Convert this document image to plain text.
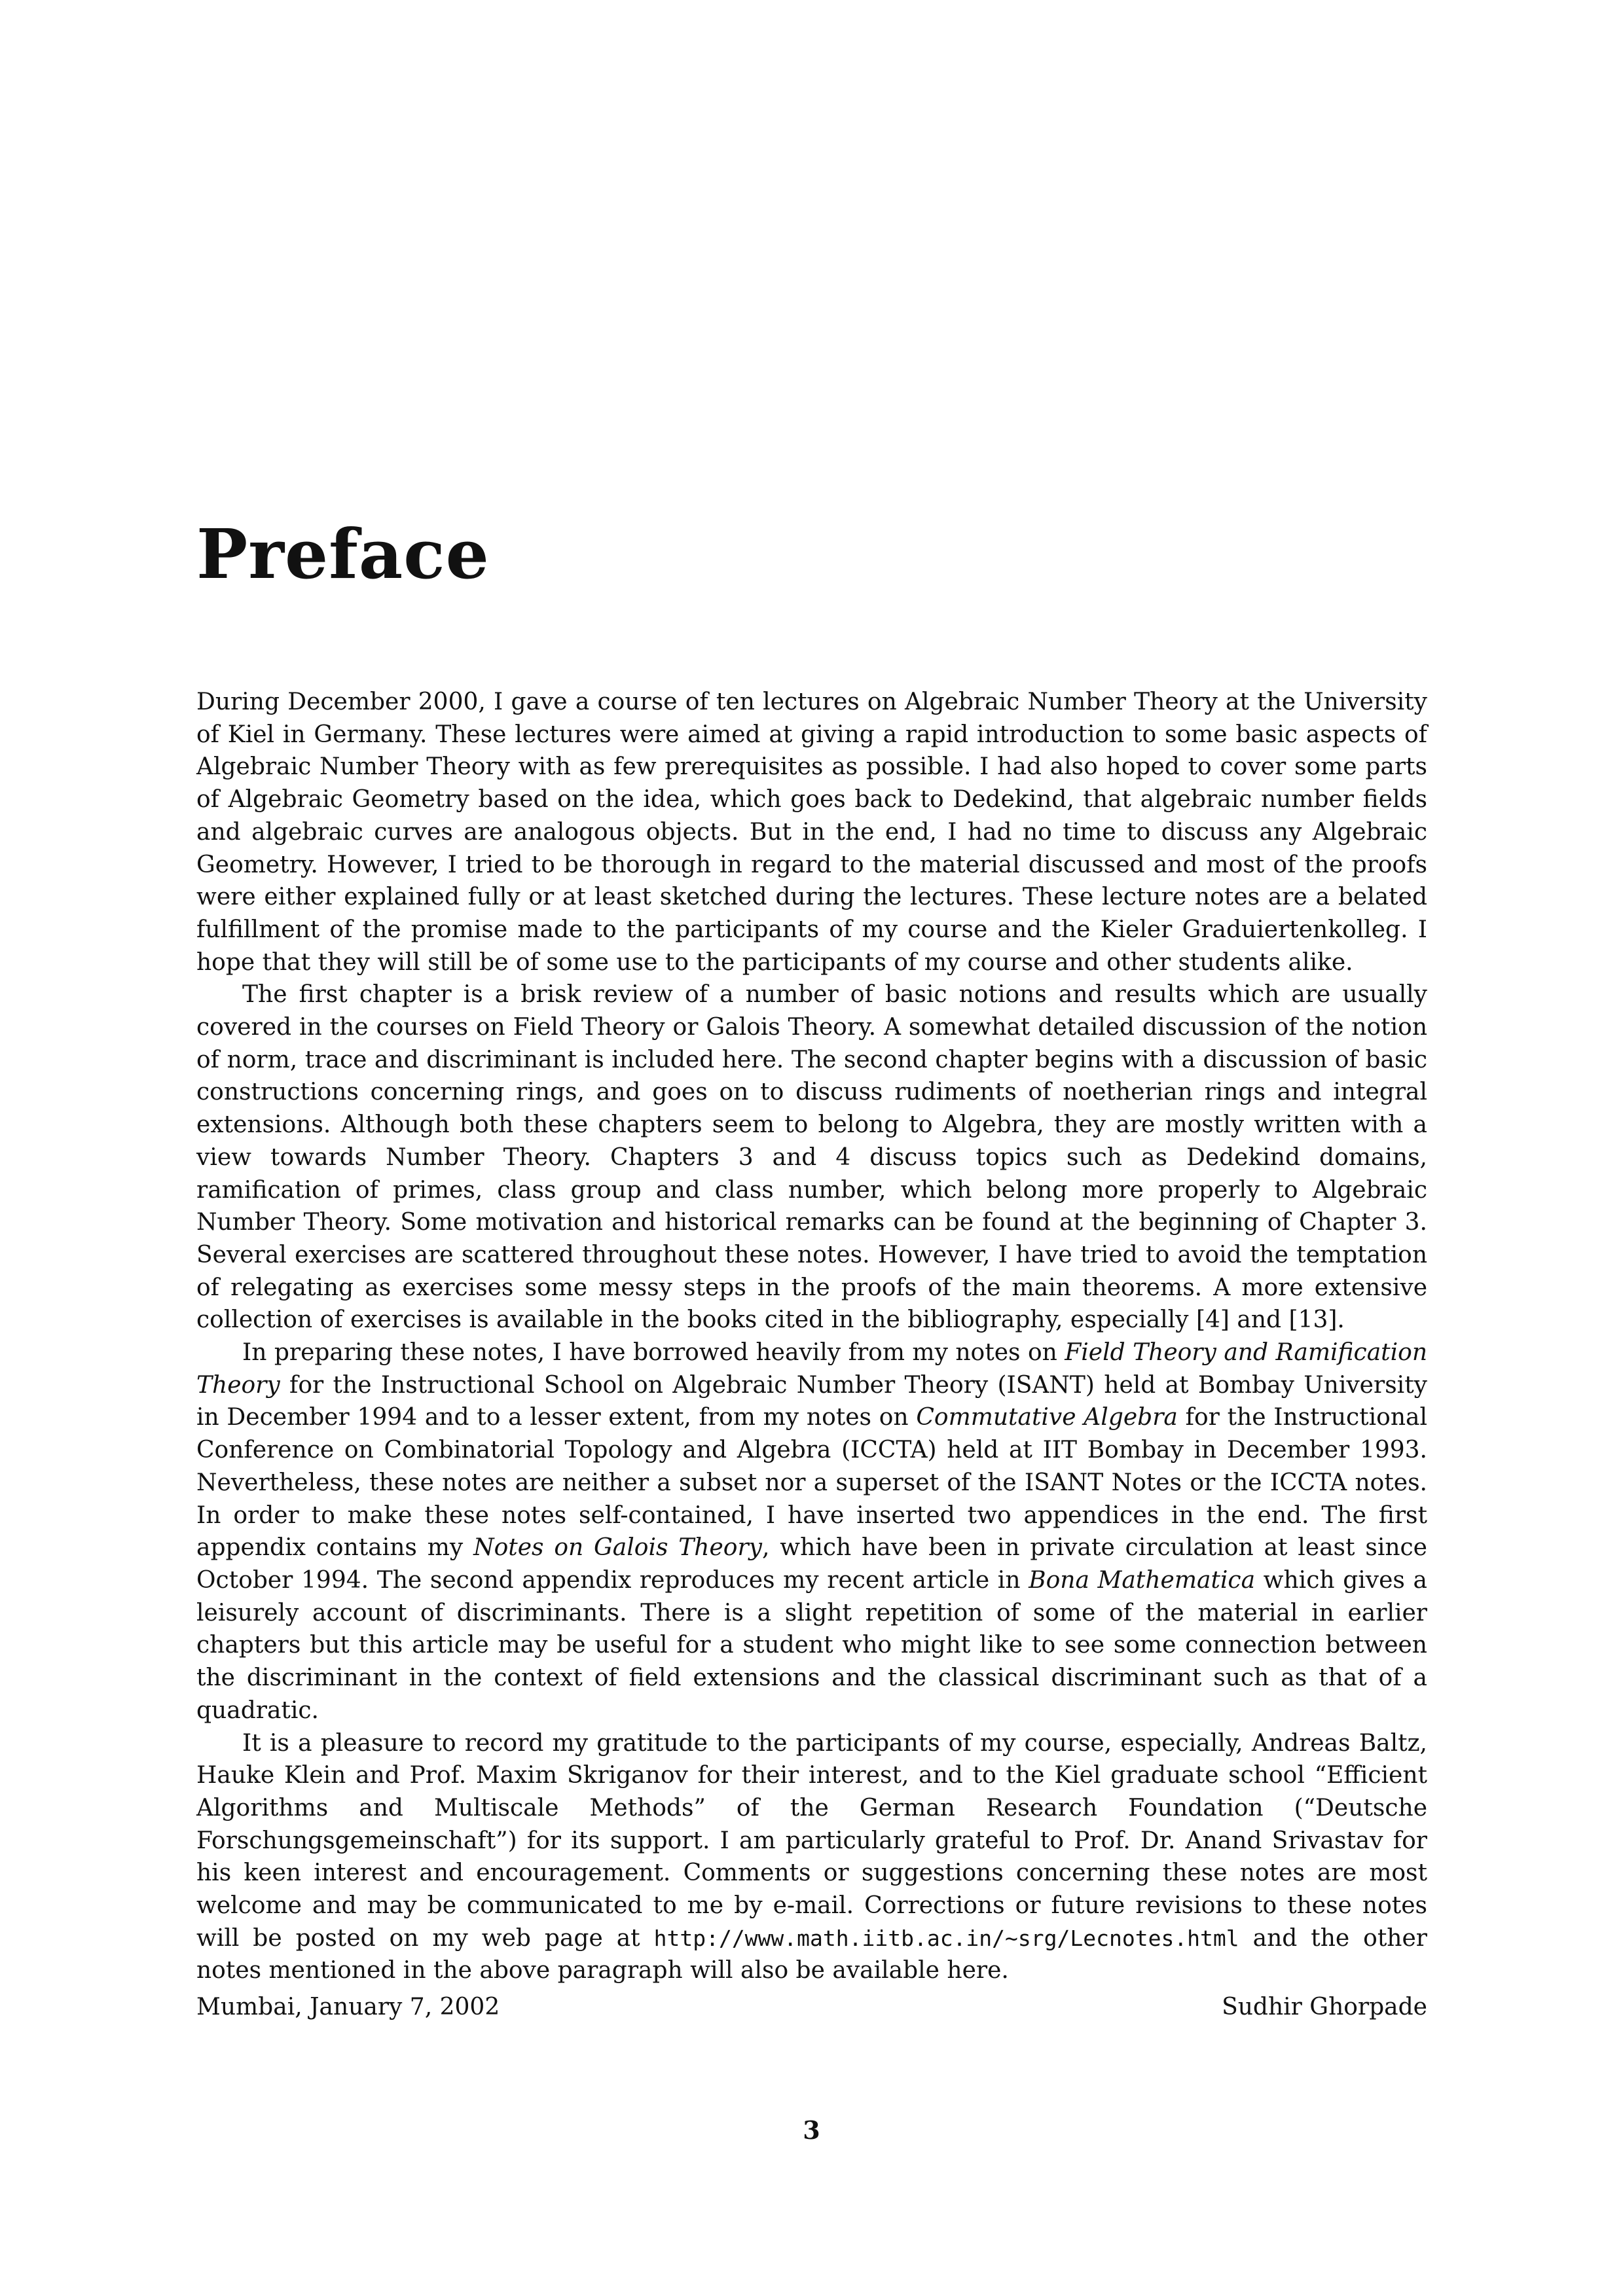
Preface

During December 2000, I gave a course of ten lectures on Algebraic Number Theory at the University of Kiel in Germany. These lectures were aimed at giving a rapid introduction to some basic aspects of Algebraic Number Theory with as few prerequisites as possible. I had also hoped to cover some parts of Algebraic Geometry based on the idea, which goes back to Dedekind, that algebraic number fields and algebraic curves are analogous objects. But in the end, I had no time to discuss any Algebraic Geometry. However, I tried to be thorough in regard to the material discussed and most of the proofs were either explained fully or at least sketched during the lectures. These lecture notes are a belated fulfillment of the promise made to the participants of my course and the Kieler Graduiertenkolleg. I hope that they will still be of some use to the participants of my course and other students alike.

The first chapter is a brisk review of a number of basic notions and results which are usually covered in the courses on Field Theory or Galois Theory. A somewhat detailed discussion of the notion of norm, trace and discriminant is included here. The second chapter begins with a discussion of basic constructions concerning rings, and goes on to discuss rudiments of noetherian rings and integral extensions. Although both these chapters seem to belong to Algebra, they are mostly written with a view towards Number Theory. Chapters 3 and 4 discuss topics such as Dedekind domains, ramification of primes, class group and class number, which belong more properly to Algebraic Number Theory. Some motivation and historical remarks can be found at the beginning of Chapter 3. Several exercises are scattered throughout these notes. However, I have tried to avoid the temptation of relegating as exercises some messy steps in the proofs of the main theorems. A more extensive collection of exercises is available in the books cited in the bibliography, especially [4] and [13].

In preparing these notes, I have borrowed heavily from my notes on Field Theory and Ramification Theory for the Instructional School on Algebraic Number Theory (ISANT) held at Bombay University in December 1994 and to a lesser extent, from my notes on Commutative Algebra for the Instructional Conference on Combinatorial Topology and Algebra (ICCTA) held at IIT Bombay in December 1993. Nevertheless, these notes are neither a subset nor a superset of the ISANT Notes or the ICCTA notes. In order to make these notes self-contained, I have inserted two appendices in the end. The first appendix contains my Notes on Galois Theory, which have been in private circulation at least since October 1994. The second appendix reproduces my recent article in Bona Mathematica which gives a leisurely account of discriminants. There is a slight repetition of some of the material in earlier chapters but this article may be useful for a student who might like to see some connection between the discriminant in the context of field extensions and the classical discriminant such as that of a quadratic.

It is a pleasure to record my gratitude to the participants of my course, especially, Andreas Baltz, Hauke Klein and Prof. Maxim Skriganov for their interest, and to the Kiel graduate school “Efficient Algorithms and Multiscale Methods” of the German Research Foundation (“Deutsche Forschungsgemeinschaft”) for its support. I am particularly grateful to Prof. Dr. Anand Srivastav for his keen interest and encouragement. Comments or suggestions concerning these notes are most welcome and may be communicated to me by e-mail. Corrections or future revisions to these notes will be posted on my web page at http://www.math.iitb.ac.in/∼srg/Lecnotes.html and the other notes mentioned in the above paragraph will also be available here.

Mumbai, January 7, 2002	Sudhir Ghorpade
3
